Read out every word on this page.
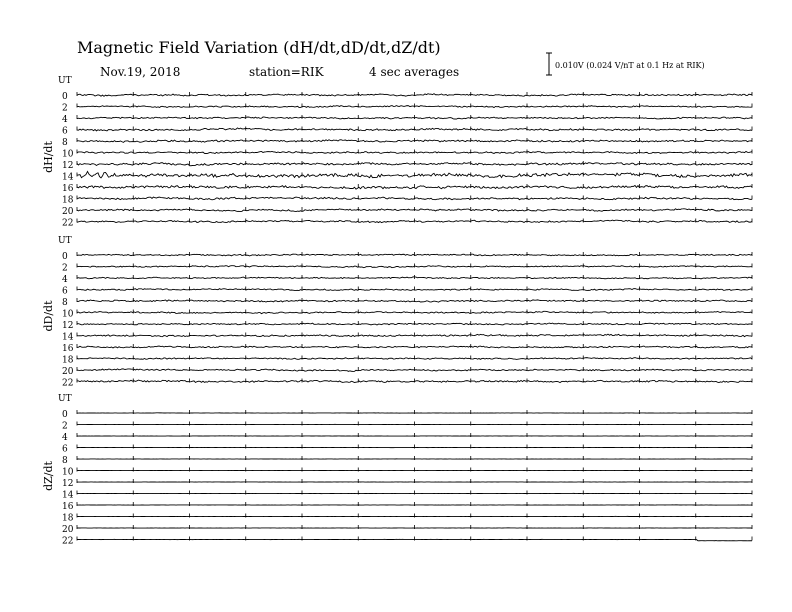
Magnetic Field Variation (dH/dt,dD/dt,dZ/dt)
Nov.19, 2018	station=RIK	4 sec averages	0.010V (0.024 V/nT at 0.1 Hz at RIK)
UT
dH/dt
0
2
4
6
8
10
12
14
16
18
20
22
UT
dD/dt
0
2
4
6
8
10
12
14
16
18
20
22
UT
dZ/dt
0
2
4
6
8
10
12
14
16
18
20
22
